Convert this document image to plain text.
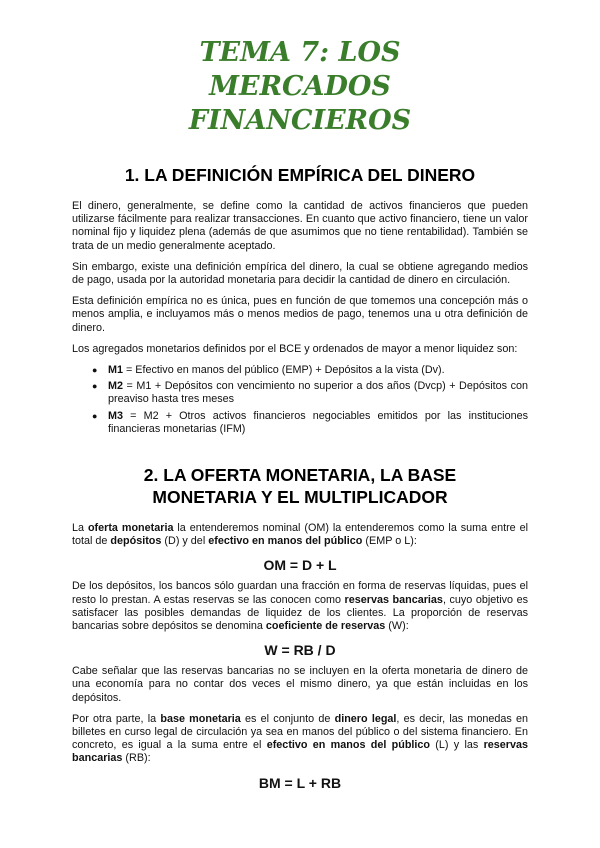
TEMA 7: LOS MERCADOS FINANCIEROS
1. LA DEFINICIÓN EMPÍRICA DEL DINERO

El dinero, generalmente, se define como la cantidad de activos financieros que pueden utilizarse fácilmente para realizar transacciones. En cuanto que activo financiero, tiene un valor nominal fijo y liquidez plena (además de que asumimos que no tiene rentabilidad). También se trata de un medio generalmente aceptado.

Sin embargo, existe una definición empírica del dinero, la cual se obtiene agregando medios de pago, usada por la autoridad monetaria para decidir la cantidad de dinero en circulación.

Esta definición empírica no es única, pues en función de que tomemos una concepción más o menos amplia, e incluyamos más o menos medios de pago, tenemos una u otra definición de dinero.

Los agregados monetarios definidos por el BCE y ordenados de mayor a menor liquidez son:

● M1 = Efectivo en manos del público (EMP) + Depósitos a la vista (Dv).
● M2 = M1 + Depósitos con vencimiento no superior a dos años (Dvcp) + Depósitos con preaviso hasta tres meses
● M3 = M2 + Otros activos financieros negociables emitidos por las instituciones financieras monetarias (IFM)
2. LA OFERTA MONETARIA, LA BASE MONETARIA Y EL MULTIPLICADOR

La oferta monetaria la entenderemos nominal (OM) la entenderemos como la suma entre el total de depósitos (D) y del efectivo en manos del público (EMP o L):

OM = D + L

De los depósitos, los bancos sólo guardan una fracción en forma de reservas líquidas, pues el resto lo prestan. A estas reservas se las conocen como reservas bancarias, cuyo objetivo es satisfacer las posibles demandas de liquidez de los clientes. La proporción de reservas bancarias sobre depósitos se denomina coeficiente de reservas (W):

W = RB / D

Cabe señalar que las reservas bancarias no se incluyen en la oferta monetaria de dinero de una economía para no contar dos veces el mismo dinero, ya que están incluidas en los depósitos.

Por otra parte, la base monetaria es el conjunto de dinero legal, es decir, las monedas en billetes en curso legal de circulación ya sea en manos del público o del sistema financiero. En concreto, es igual a la suma entre el efectivo en manos del público (L) y las reservas bancarias (RB):

BM = L + RB
